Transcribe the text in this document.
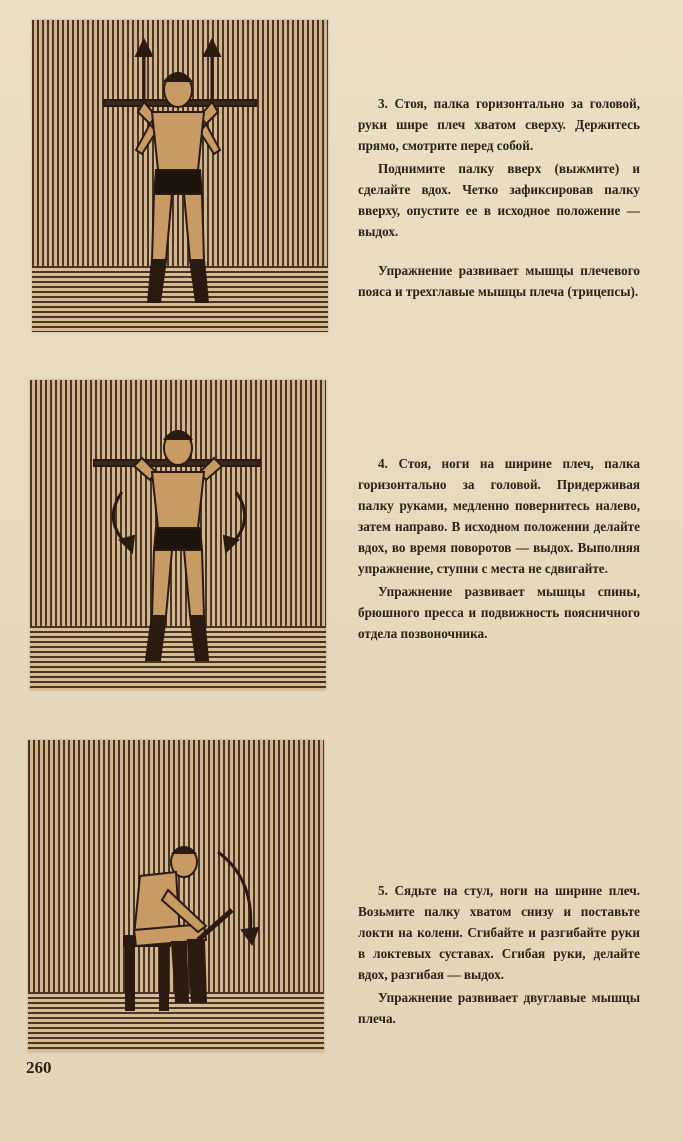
3. Стоя, палка горизонтально за головой, руки шире плеч хватом сверху. Держитесь прямо, смотрите перед собой.

Поднимите палку вверх (выжмите) и сделайте вдох. Четко зафиксировав палку вверху, опустите ее в исходное положение — выдох.

Упражнение развивает мышцы плечевого пояса и трехглавые мышцы плеча (трицепсы).

4. Стоя, ноги на ширине плеч, палка горизонтально за головой. Придерживая палку руками, медленно повернитесь налево, затем направо. В исходном положении делайте вдох, во время поворотов — выдох. Выполняя упражнение, ступни с места не сдвигайте.

Упражнение развивает мышцы спины, брюшного пресса и подвижность поясничного отдела позвоночника.

5. Сядьте на стул, ноги на ширине плеч. Возьмите палку хватом снизу и поставьте локти на колени. Сгибайте и разгибайте руки в локтевых суставах. Сгибая руки, делайте вдох, разгибая — выдох.

Упражнение развивает двуглавые мышцы плеча.

260
